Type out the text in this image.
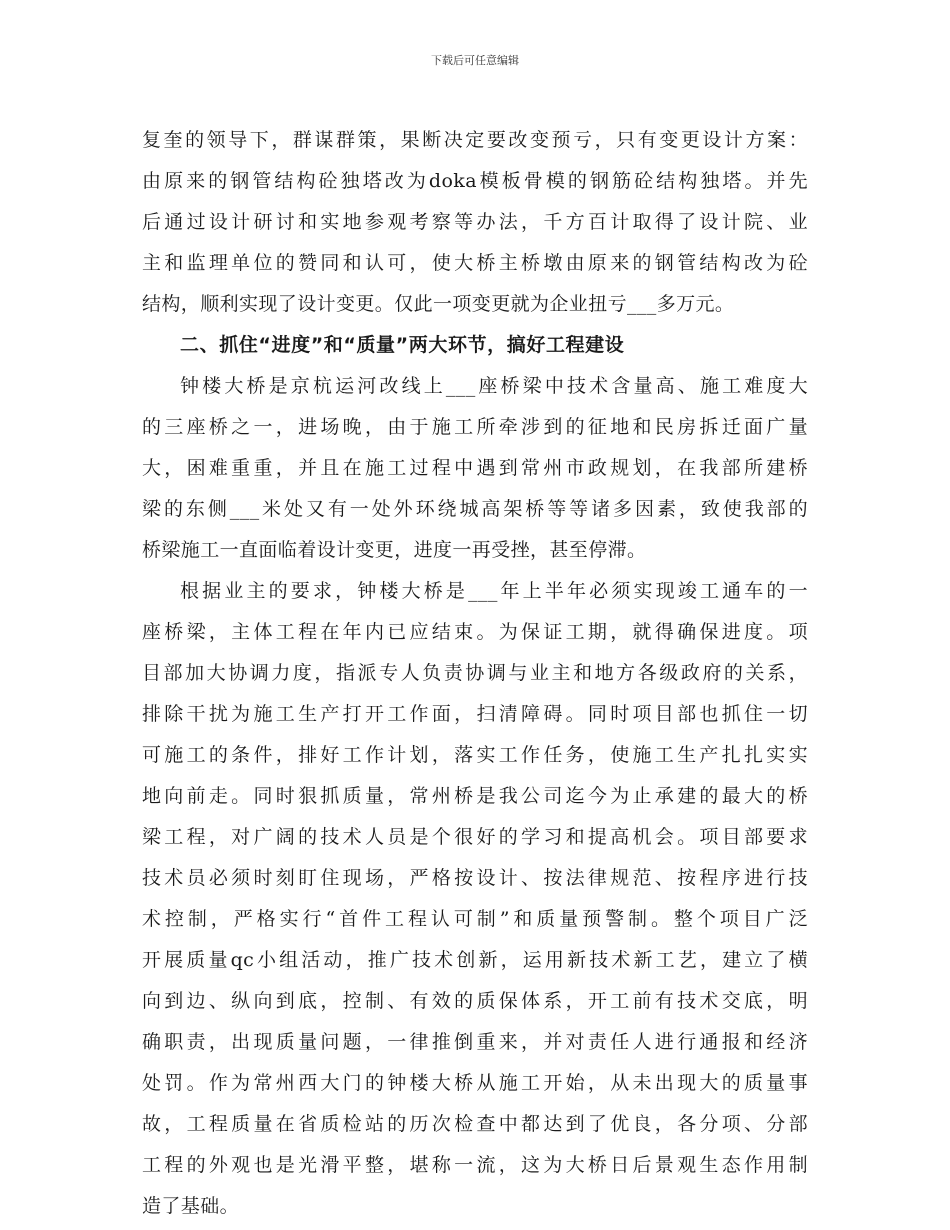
下载后可任意编辑
复奎的领导下，群谋群策，果断决定要改变预亏，只有变更设计方案：
由原来的钢管结构砼独塔改为doka模板骨模的钢筋砼结构独塔。并先
后通过设计研讨和实地参观考察等办法，千方百计取得了设计院、业
主和监理单位的赞同和认可，使大桥主桥墩由原来的钢管结构改为砼
结构，顺利实现了设计变更。仅此一项变更就为企业扭亏___多万元。
二、抓住“进度”和“质量”两大环节，搞好工程建设
钟楼大桥是京杭运河改线上___座桥梁中技术含量高、施工难度大
的三座桥之一，进场晚，由于施工所牵涉到的征地和民房拆迁面广量
大，困难重重，并且在施工过程中遇到常州市政规划，在我部所建桥
梁的东侧___米处又有一处外环绕城高架桥等等诸多因素，致使我部的
桥梁施工一直面临着设计变更，进度一再受挫，甚至停滞。
根据业主的要求，钟楼大桥是___年上半年必须实现竣工通车的一
座桥梁，主体工程在年内已应结束。为保证工期，就得确保进度。项
目部加大协调力度，指派专人负责协调与业主和地方各级政府的关系，
排除干扰为施工生产打开工作面，扫清障碍。同时项目部也抓住一切
可施工的条件，排好工作计划，落实工作任务，使施工生产扎扎实实
地向前走。同时狠抓质量，常州桥是我公司迄今为止承建的最大的桥
梁工程，对广阔的技术人员是个很好的学习和提高机会。项目部要求
技术员必须时刻盯住现场，严格按设计、按法律规范、按程序进行技
术控制，严格实行“首件工程认可制”和质量预警制。整个项目广泛
开展质量qc小组活动，推广技术创新，运用新技术新工艺，建立了横
向到边、纵向到底，控制、有效的质保体系，开工前有技术交底，明
确职责，出现质量问题，一律推倒重来，并对责任人进行通报和经济
处罚。作为常州西大门的钟楼大桥从施工开始，从未出现大的质量事
故，工程质量在省质检站的历次检查中都达到了优良，各分项、分部
工程的外观也是光滑平整，堪称一流，这为大桥日后景观生态作用制
造了基础。
